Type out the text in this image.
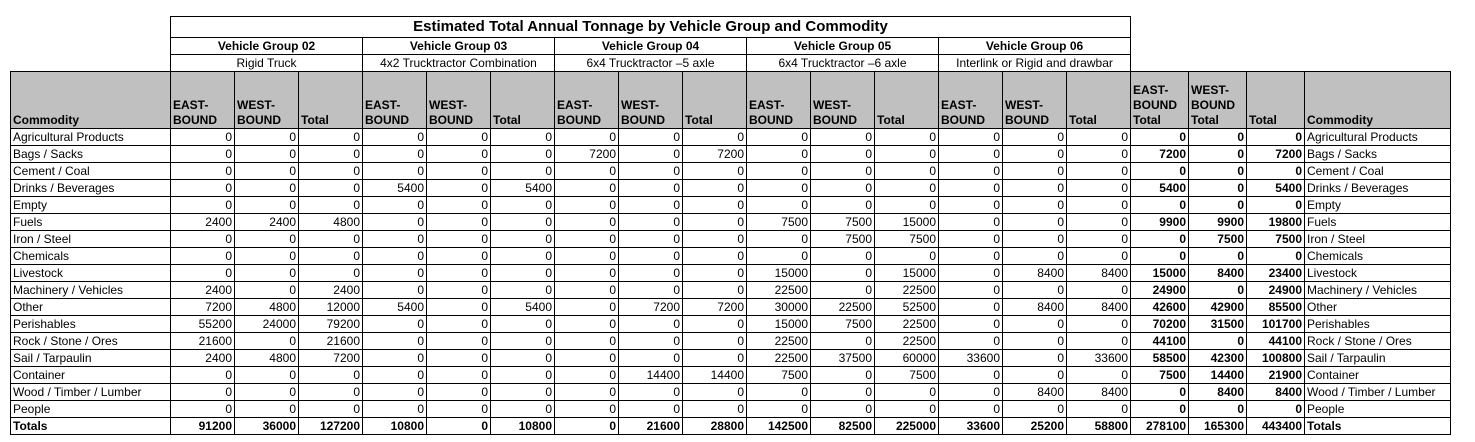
	Estimated Total Annual Tonnage by Vehicle Group and Commodity																		
	Vehicle Group 02			Vehicle Group 03			Vehicle Group 04			Vehicle Group 05			Vehicle Group 06						
	Rigid Truck			4x2 Trucktractor Combination			6x4 Trucktractor –5 axle			6x4 Trucktractor –6 axle			Interlink or Rigid and drawbar						
Commodity	EAST-BOUND	WEST-BOUND	Total	EAST-BOUND	WEST-BOUND	Total	EAST-BOUND	WEST-BOUND	Total	EAST-BOUND	WEST-BOUND	Total	EAST-BOUND	WEST-BOUND	Total	EAST-BOUND Total	WEST-BOUND Total	Total	Commodity
Agricultural Products	0	0	0	0	0	0	0	0	0	0	0	0	0	0	0	0	0	0	Agricultural Products
Bags / Sacks	0	0	0	0	0	0	7200	0	7200	0	0	0	0	0	0	7200	0	7200	Bags / Sacks
Cement / Coal	0	0	0	0	0	0	0	0	0	0	0	0	0	0	0	0	0	0	Cement / Coal
Drinks / Beverages	0	0	0	5400	0	5400	0	0	0	0	0	0	0	0	0	5400	0	5400	Drinks / Beverages
Empty	0	0	0	0	0	0	0	0	0	0	0	0	0	0	0	0	0	0	Empty
Fuels	2400	2400	4800	0	0	0	0	0	0	7500	7500	15000	0	0	0	9900	9900	19800	Fuels
Iron / Steel	0	0	0	0	0	0	0	0	0	0	7500	7500	0	0	0	0	7500	7500	Iron / Steel
Chemicals	0	0	0	0	0	0	0	0	0	0	0	0	0	0	0	0	0	0	Chemicals
Livestock	0	0	0	0	0	0	0	0	0	15000	0	15000	0	8400	8400	15000	8400	23400	Livestock
Machinery / Vehicles	2400	0	2400	0	0	0	0	0	0	22500	0	22500	0	0	0	24900	0	24900	Machinery / Vehicles
Other	7200	4800	12000	5400	0	5400	0	7200	7200	30000	22500	52500	0	8400	8400	42600	42900	85500	Other
Perishables	55200	24000	79200	0	0	0	0	0	0	15000	7500	22500	0	0	0	70200	31500	101700	Perishables
Rock / Stone / Ores	21600	0	21600	0	0	0	0	0	0	22500	0	22500	0	0	0	44100	0	44100	Rock / Stone / Ores
Sail / Tarpaulin	2400	4800	7200	0	0	0	0	0	0	22500	37500	60000	33600	0	33600	58500	42300	100800	Sail / Tarpaulin
Container	0	0	0	0	0	0	0	14400	14400	7500	0	7500	0	0	0	7500	14400	21900	Container
Wood / Timber / Lumber	0	0	0	0	0	0	0	0	0	0	0	0	0	8400	8400	0	8400	8400	Wood / Timber / Lumber
People	0	0	0	0	0	0	0	0	0	0	0	0	0	0	0	0	0	0	People
Totals	91200	36000	127200	10800	0	10800	0	21600	28800	142500	82500	225000	33600	25200	58800	278100	165300	443400	Totals
